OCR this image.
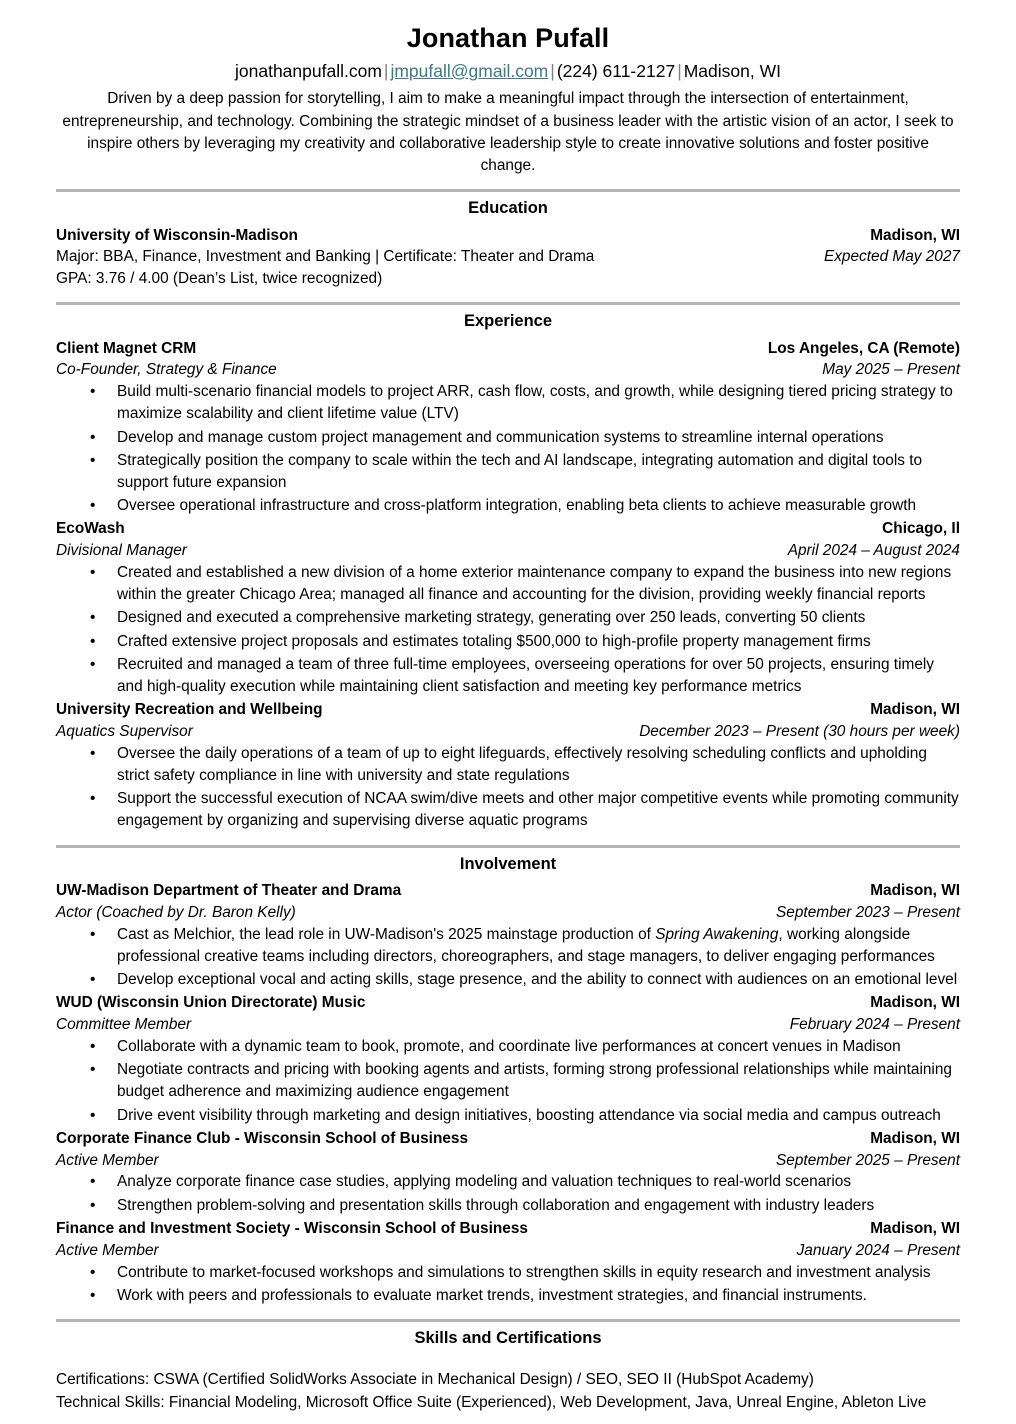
Jonathan Pufall
jonathanpufall.com | jmpufall@gmail.com | (224) 611-2127 | Madison, WI
Driven by a deep passion for storytelling, I aim to make a meaningful impact through the intersection of entertainment, entrepreneurship, and technology. Combining the strategic mindset of a business leader with the artistic vision of an actor, I seek to inspire others by leveraging my creativity and collaborative leadership style to create innovative solutions and foster positive change.
Education
University of Wisconsin-Madison	Madison, WI
Major: BBA, Finance, Investment and Banking | Certificate: Theater and Drama	Expected May 2027
GPA: 3.76 / 4.00 (Dean’s List, twice recognized)
Experience
Client Magnet CRM	Los Angeles, CA (Remote)
Co-Founder, Strategy & Finance	May 2025 – Present
• Build multi-scenario financial models to project ARR, cash flow, costs, and growth, while designing tiered pricing strategy to maximize scalability and client lifetime value (LTV)
• Develop and manage custom project management and communication systems to streamline internal operations
• Strategically position the company to scale within the tech and AI landscape, integrating automation and digital tools to support future expansion
• Oversee operational infrastructure and cross-platform integration, enabling beta clients to achieve measurable growth
EcoWash	Chicago, Il
Divisional Manager	April 2024 – August 2024
• Created and established a new division of a home exterior maintenance company to expand the business into new regions within the greater Chicago Area; managed all finance and accounting for the division, providing weekly financial reports
• Designed and executed a comprehensive marketing strategy, generating over 250 leads, converting 50 clients
• Crafted extensive project proposals and estimates totaling $500,000 to high-profile property management firms
• Recruited and managed a team of three full-time employees, overseeing operations for over 50 projects, ensuring timely and high-quality execution while maintaining client satisfaction and meeting key performance metrics
University Recreation and Wellbeing	Madison, WI
Aquatics Supervisor	December 2023 – Present (30 hours per week)
• Oversee the daily operations of a team of up to eight lifeguards, effectively resolving scheduling conflicts and upholding strict safety compliance in line with university and state regulations
• Support the successful execution of NCAA swim/dive meets and other major competitive events while promoting community engagement by organizing and supervising diverse aquatic programs
Involvement
UW-Madison Department of Theater and Drama	Madison, WI
Actor (Coached by Dr. Baron Kelly)	September 2023 – Present
• Cast as Melchior, the lead role in UW-Madison's 2025 mainstage production of Spring Awakening, working alongside professional creative teams including directors, choreographers, and stage managers, to deliver engaging performances
• Develop exceptional vocal and acting skills, stage presence, and the ability to connect with audiences on an emotional level
WUD (Wisconsin Union Directorate) Music	Madison, WI
Committee Member	February 2024 – Present
• Collaborate with a dynamic team to book, promote, and coordinate live performances at concert venues in Madison
• Negotiate contracts and pricing with booking agents and artists, forming strong professional relationships while maintaining budget adherence and maximizing audience engagement
• Drive event visibility through marketing and design initiatives, boosting attendance via social media and campus outreach
Corporate Finance Club - Wisconsin School of Business	Madison, WI
Active Member	September 2025 – Present
• Analyze corporate finance case studies, applying modeling and valuation techniques to real-world scenarios
• Strengthen problem-solving and presentation skills through collaboration and engagement with industry leaders
Finance and Investment Society - Wisconsin School of Business	Madison, WI
Active Member	January 2024 – Present
• Contribute to market-focused workshops and simulations to strengthen skills in equity research and investment analysis
• Work with peers and professionals to evaluate market trends, investment strategies, and financial instruments.
Skills and Certifications
Certifications: CSWA (Certified SolidWorks Associate in Mechanical Design) / SEO, SEO II (HubSpot Academy)
Technical Skills: Financial Modeling, Microsoft Office Suite (Experienced), Web Development, Java, Unreal Engine, Ableton Live
